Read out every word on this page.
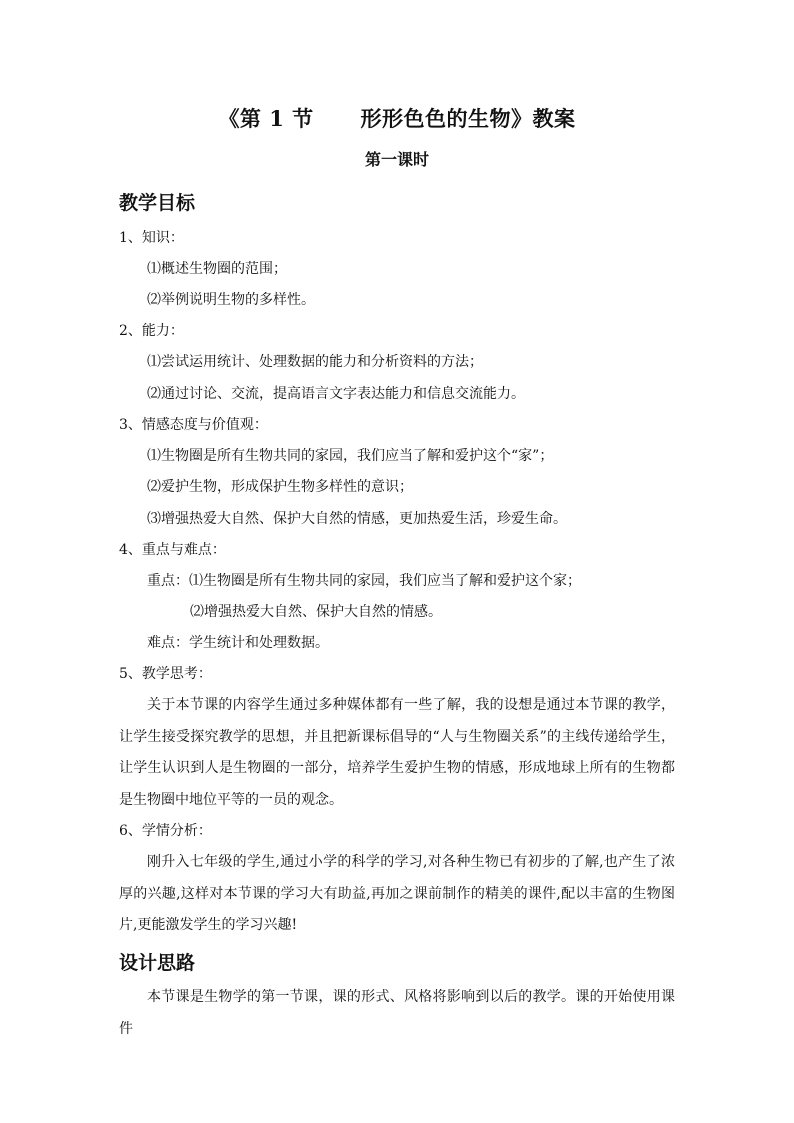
《第 1 节      形形色色的生物》教案
第一课时
教学目标
1、知识：
⑴概述生物圈的范围；
⑵举例说明生物的多样性。
2、能力：
⑴尝试运用统计、处理数据的能力和分析资料的方法；
⑵通过讨论、交流，提高语言文字表达能力和信息交流能力。
3、情感态度与价值观：
⑴生物圈是所有生物共同的家园，我们应当了解和爱护这个“家”；
⑵爱护生物，形成保护生物多样性的意识；
⑶增强热爱大自然、保护大自然的情感，更加热爱生活，珍爱生命。
4、重点与难点：
重点：⑴生物圈是所有生物共同的家园，我们应当了解和爱护这个家；
⑵增强热爱大自然、保护大自然的情感。
难点：学生统计和处理数据。
5、教学思考：
关于本节课的内容学生通过多种媒体都有一些了解，我的设想是通过本节课的教学，让学生接受探究教学的思想，并且把新课标倡导的“人与生物圈关系”的主线传递给学生，让学生认识到人是生物圈的一部分，培养学生爱护生物的情感，形成地球上所有的生物都是生物圈中地位平等的一员的观念。
6、学情分析：
刚升入七年级的学生,通过小学的科学的学习,对各种生物已有初步的了解,也产生了浓厚的兴趣,这样对本节课的学习大有助益,再加之课前制作的精美的课件,配以丰富的生物图片,更能激发学生的学习兴趣!
设计思路
本节课是生物学的第一节课，课的形式、风格将影响到以后的教学。课的开始使用课件
